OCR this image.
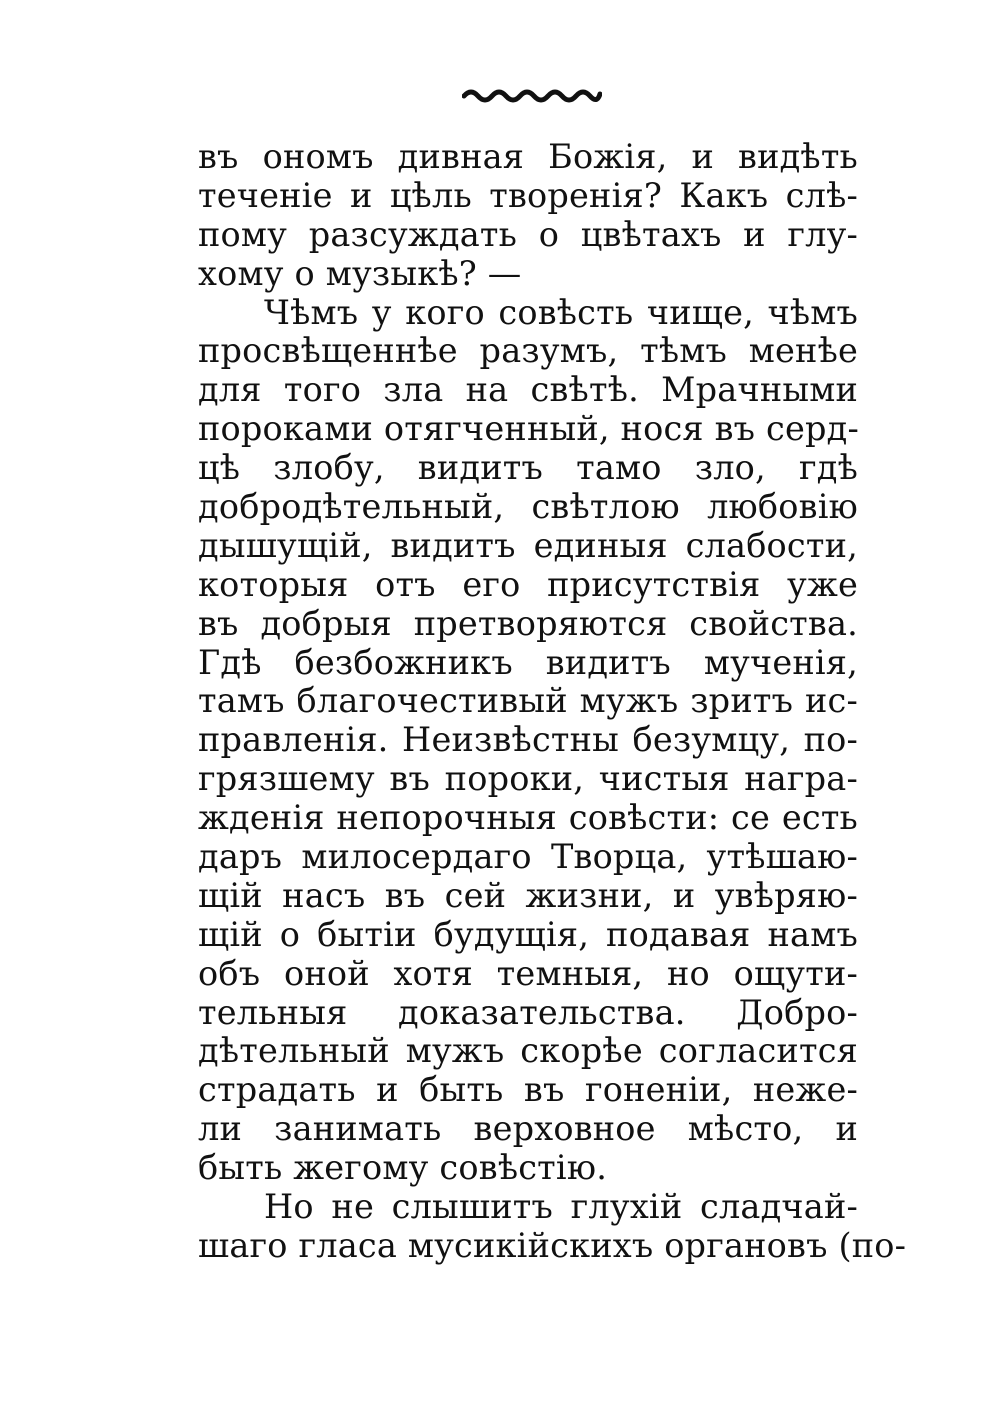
въ ономъ дивная Божія, и видѣть
теченіе и цѣль творенія? Какъ слѣ-
пому разсуждать о цвѣтахъ и глу-
хому о музыкѣ? —
Чѣмъ у кого совѣсть чище, чѣмъ
просвѣщеннѣе разумъ, тѣмъ менѣе
для того зла на свѣтѣ. Мрачными
пороками отягченный, нося въ серд-
цѣ злобу, видитъ тамо зло, гдѣ
добродѣтельный, свѣтлою любовію
дышущій, видитъ единыя слабости,
которыя отъ его присутствія уже
въ добрыя претворяются свойства.
Гдѣ безбожникъ видитъ мученія,
тамъ благочестивый мужъ зритъ ис-
правленія. Неизвѣстны безумцу, по-
грязшему въ пороки, чистыя награ-
жденія непорочныя совѣсти: се есть
даръ милосердаго Творца, утѣшаю-
щій насъ въ сей жизни, и увѣряю-
щій о бытіи будущія, подавая намъ
объ оной хотя темныя, но ощути-
тельныя доказательства. Добро-
дѣтельный мужъ скорѣе согласится
страдать и быть въ гоненіи, неже-
ли занимать верховное мѣсто, и
быть жегому совѣстію.
Но не слышитъ глухій сладчай-
шаго гласа мусикійскихъ органовъ (по-
